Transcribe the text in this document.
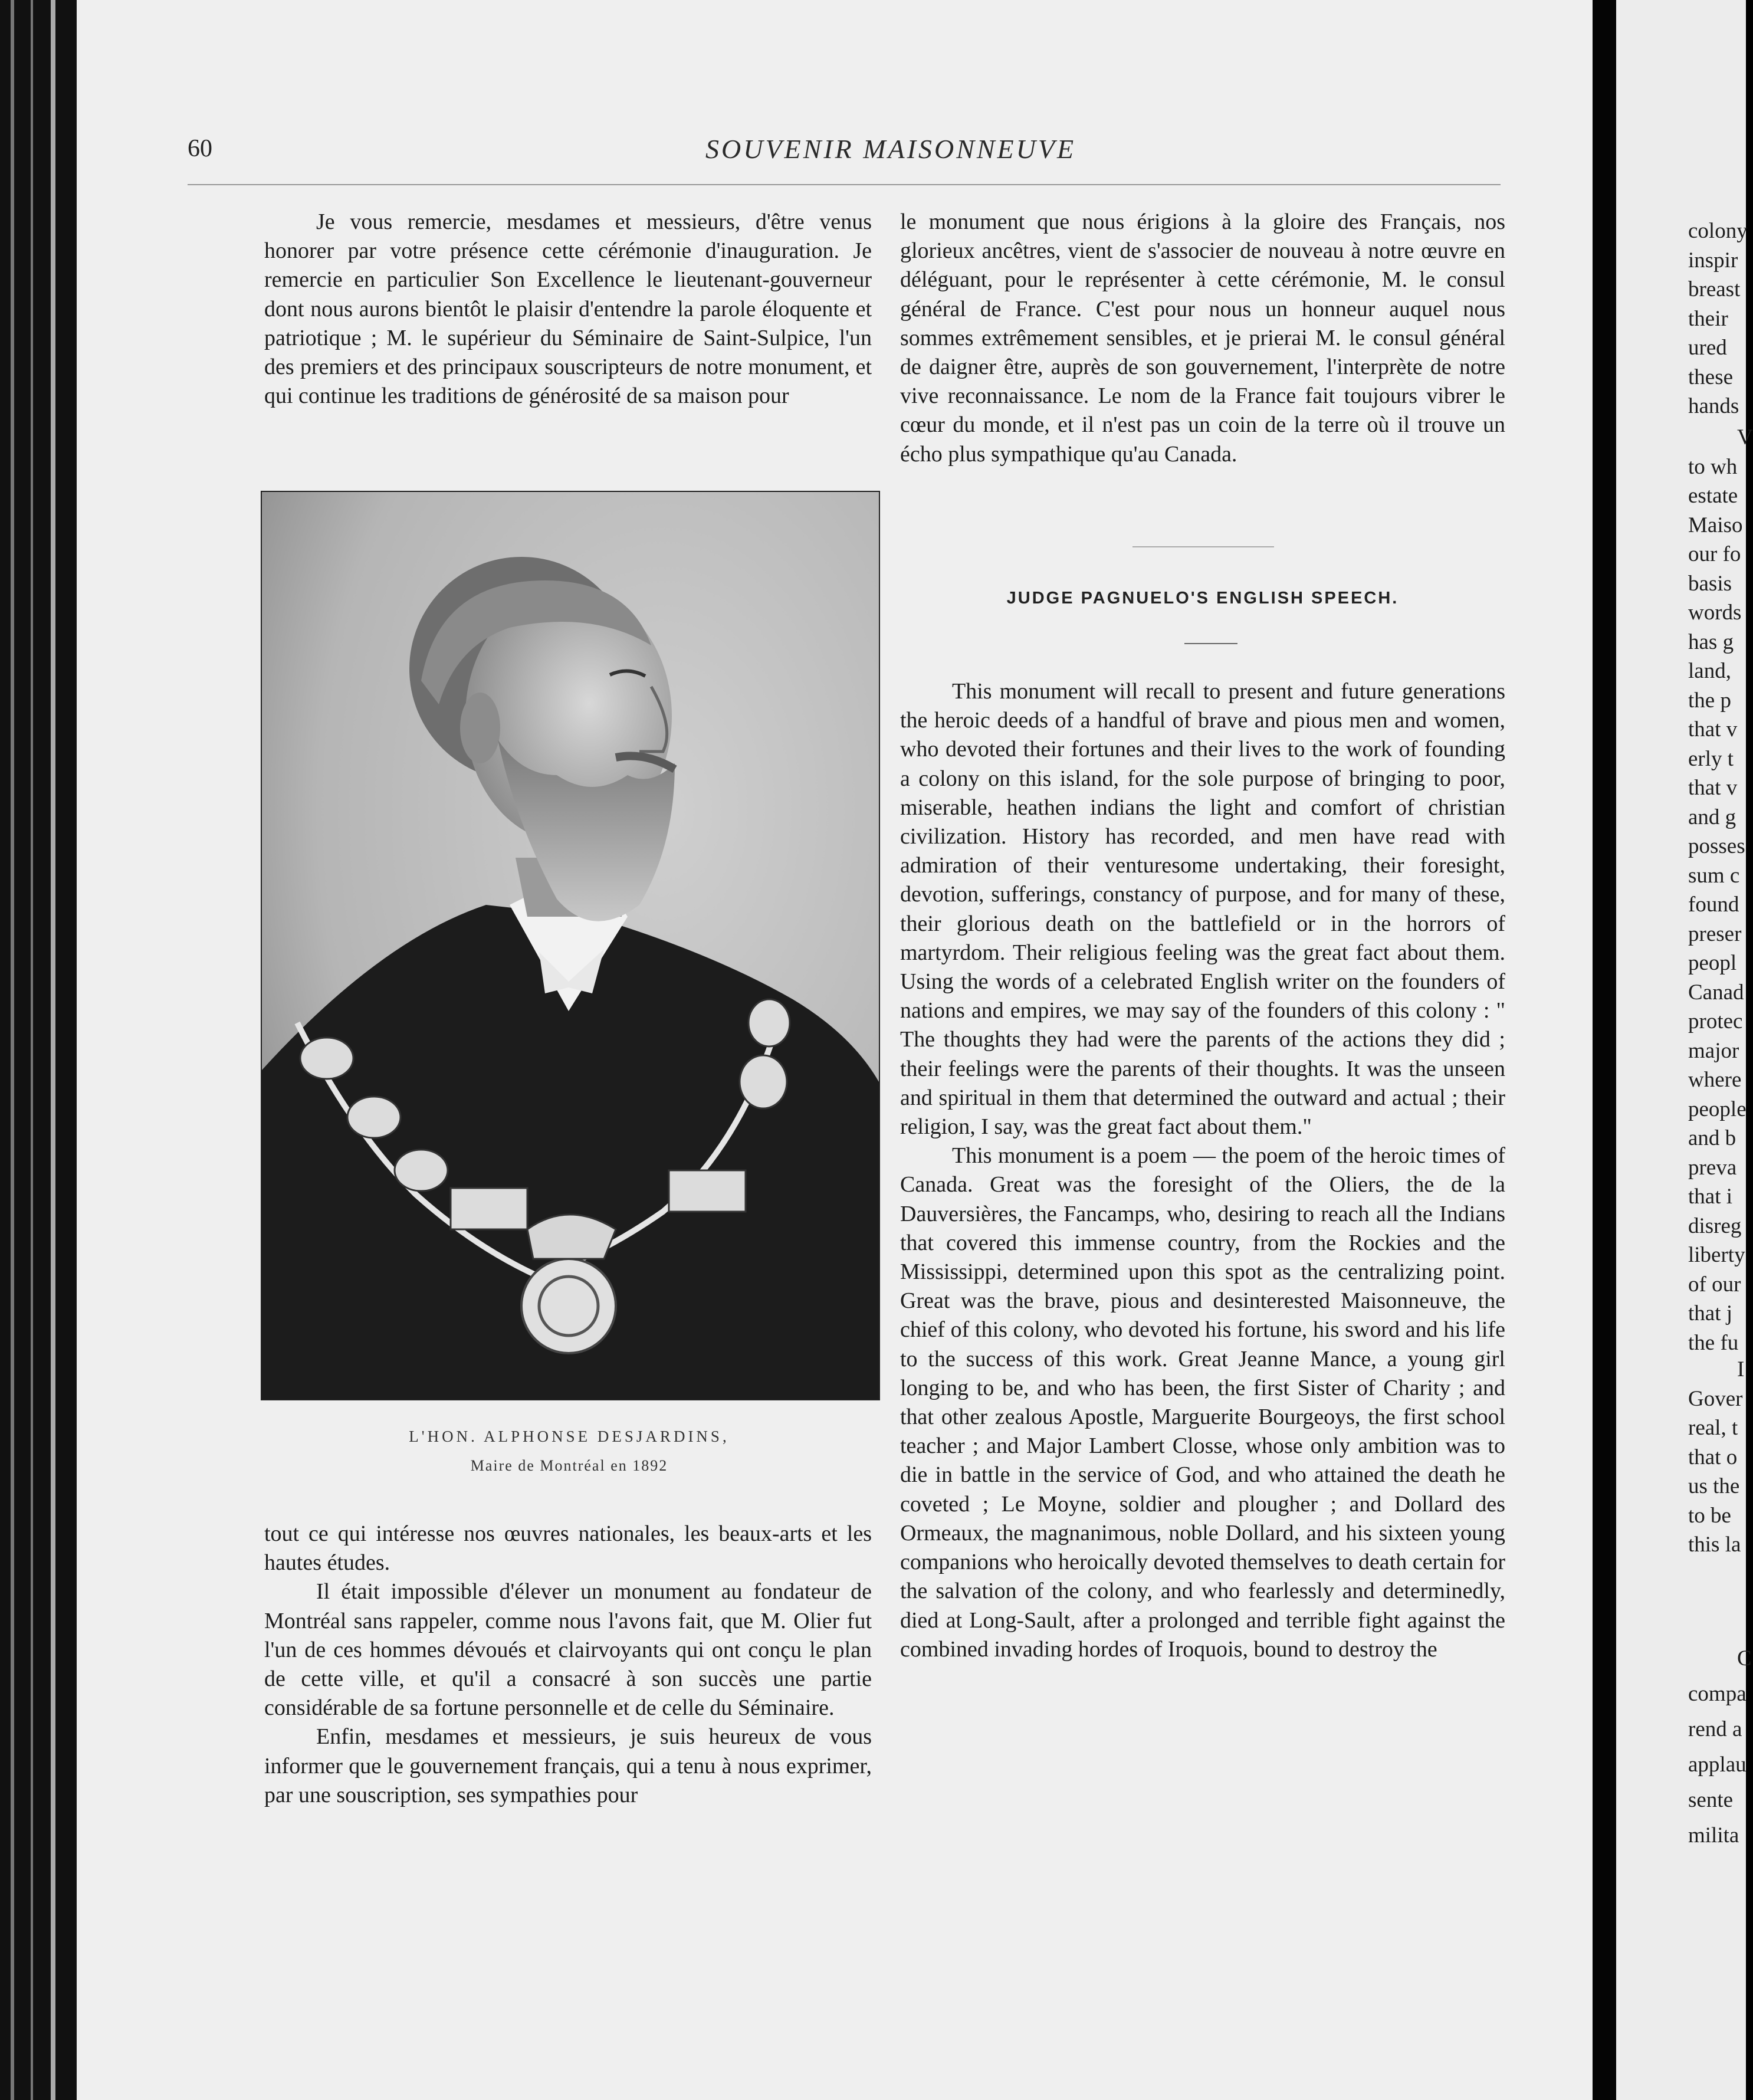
colony
inspir
breast
their
ured
these
hands
V
to wh
estate
Maiso
our fo
basis
words
has g
land,
the p
that v
erly t
that v
and g
posses
sum c
found
preser
peopl
Canad
protec
major
where
people
and b
preva
that i
disreg
liberty
of our
that j
the fu
I
Gover
real, t
that o
us the
to be
this la
C
compa
rend a
applau
sente
milita
60	SOUVENIR MAISONNEUVE

Je vous remercie, mesdames et messieurs, d'être venus honorer par votre présence cette cérémonie d'inauguration. Je remercie en particulier Son Excellence le lieutenant-gouverneur dont nous aurons bientôt le plaisir d'entendre la parole éloquente et patriotique ; M. le supérieur du Séminaire de Saint-Sulpice, l'un des premiers et des principaux souscripteurs de notre monument, et qui continue les traditions de générosité de sa maison pour

L'HON. ALPHONSE DESJARDINS,
Maire de Montréal en 1892

tout ce qui intéresse nos œuvres nationales, les beaux-arts et les hautes études.

Il était impossible d'élever un monument au fondateur de Montréal sans rappeler, comme nous l'avons fait, que M. Olier fut l'un de ces hommes dévoués et clairvoyants qui ont conçu le plan de cette ville, et qu'il a consacré à son succès une partie considérable de sa fortune personnelle et de celle du Séminaire.

Enfin, mesdames et messieurs, je suis heureux de vous informer que le gouvernement français, qui a tenu à nous exprimer, par une souscription, ses sympathies pour

le monument que nous érigions à la gloire des Français, nos glorieux ancêtres, vient de s'associer de nouveau à notre œuvre en déléguant, pour le représenter à cette cérémonie, M. le consul général de France. C'est pour nous un honneur auquel nous sommes extrêmement sensibles, et je prierai M. le consul général de daigner être, auprès de son gouvernement, l'interprète de notre vive reconnaissance. Le nom de la France fait toujours vibrer le cœur du monde, et il n'est pas un coin de la terre où il trouve un écho plus sympathique qu'au Canada.

JUDGE PAGNUELO'S ENGLISH SPEECH.

This monument will recall to present and future generations the heroic deeds of a handful of brave and pious men and women, who devoted their fortunes and their lives to the work of founding a colony on this island, for the sole purpose of bringing to poor, miserable, heathen indians the light and comfort of christian civilization. History has recorded, and men have read with admiration of their venturesome undertaking, their foresight, devotion, sufferings, constancy of purpose, and for many of these, their glorious death on the battlefield or in the horrors of martyrdom. Their religious feeling was the great fact about them. Using the words of a celebrated English writer on the founders of nations and empires, we may say of the founders of this colony : " The thoughts they had were the parents of the actions they did ; their feelings were the parents of their thoughts. It was the unseen and spiritual in them that determined the outward and actual ; their religion, I say, was the great fact about them."

This monument is a poem — the poem of the heroic times of Canada. Great was the foresight of the Oliers, the de la Dauversières, the Fancamps, who, desiring to reach all the Indians that covered this immense country, from the Rockies and the Mississippi, determined upon this spot as the centralizing point. Great was the brave, pious and desinterested Maisonneuve, the chief of this colony, who devoted his fortune, his sword and his life to the success of this work. Great Jeanne Mance, a young girl longing to be, and who has been, the first Sister of Charity ; and that other zealous Apostle, Marguerite Bourgeoys, the first school teacher ; and Major Lambert Closse, whose only ambition was to die in battle in the service of God, and who attained the death he coveted ; Le Moyne, soldier and plougher ; and Dollard des Ormeaux, the magnanimous, noble Dollard, and his sixteen young companions who heroically devoted themselves to death certain for the salvation of the colony, and who fearlessly and determinedly, died at Long-Sault, after a prolonged and terrible fight against the combined invading hordes of Iroquois, bound to destroy the
